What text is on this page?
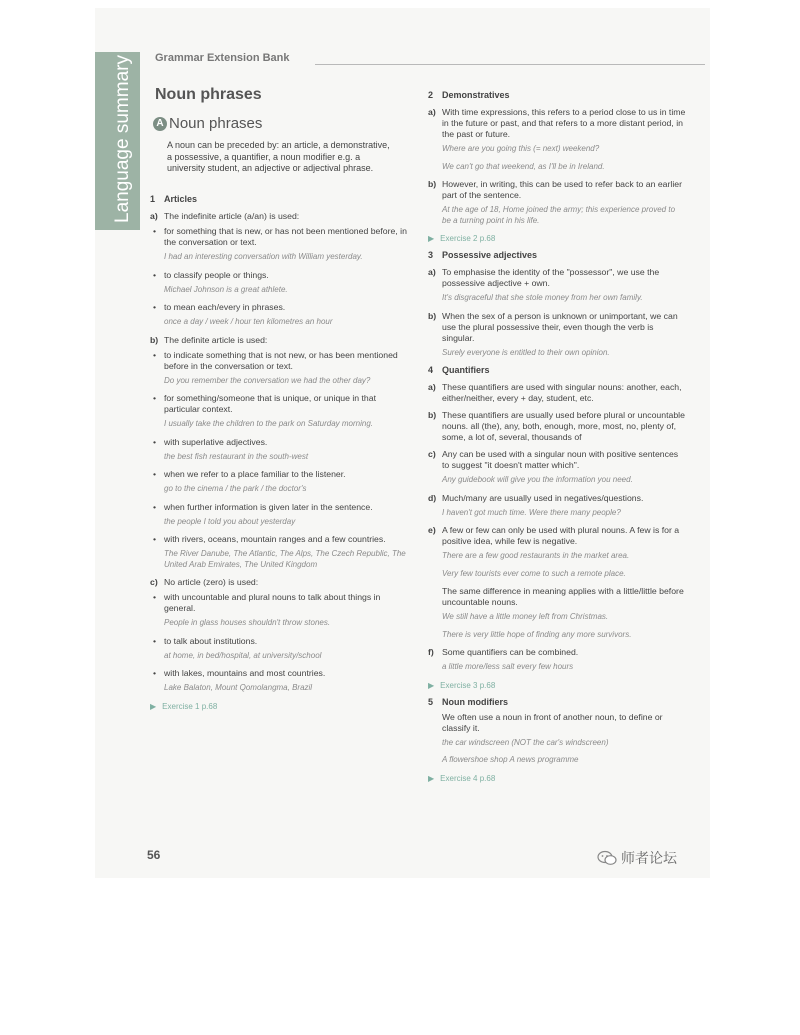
Language summary	Grammar Extension Bank
Noun phrases
A Noun phrases
A noun can be preceded by: an article, a demonstrative, a possessive, a quantifier, a noun modifier e.g. a university student, an adjective or adjectival phrase.
1 Articles
a) The indefinite article (a/an) is used:
• for something that is new, or has not been mentioned before, in the conversation or text.
I had an interesting conversation with William yesterday.
• to classify people or things.
Michael Johnson is a great athlete.
• to mean each/every in phrases.
once a day / week / hour ten kilometres an hour
b) The definite article is used:
• to indicate something that is not new, or has been mentioned before in the conversation or text.
Do you remember the conversation we had the other day?
• for something/someone that is unique, or unique in that particular context.
I usually take the children to the park on Saturday morning.
• with superlative adjectives.
the best fish restaurant in the south-west
• when we refer to a place familiar to the listener.
go to the cinema / the park / the doctor's
• when further information is given later in the sentence.
the people I told you about yesterday
• with rivers, oceans, mountain ranges and a few countries.
The River Danube, The Atlantic, The Alps, The Czech Republic, The United Arab Emirates, The United Kingdom
c) No article (zero) is used:
• with uncountable and plural nouns to talk about things in general.
People in glass houses shouldn't throw stones.
• to talk about institutions.
at home, in bed/hospital, at university/school
• with lakes, mountains and most countries.
Lake Balaton, Mount Qomolangma, Brazil
▶ Exercise 1 p.68
2 Demonstratives
a) With time expressions, this refers to a period close to us in time in the future or past, and that refers to a more distant period, in the past or future.
Where are you going this (= next) weekend?
We can't go that weekend, as I'll be in Ireland.
b) However, in writing, this can be used to refer back to an earlier part of the sentence.
At the age of 18, Home joined the army; this experience proved to be a turning point in his life.
▶ Exercise 2 p.68
3 Possessive adjectives
a) To emphasise the identity of the "possessor", we use the possessive adjective + own.
It's disgraceful that she stole money from her own family.
b) When the sex of a person is unknown or unimportant, we can use the plural possessive their, even though the verb is singular.
Surely everyone is entitled to their own opinion.
4 Quantifiers
a) These quantifiers are used with singular nouns: another, each, either/neither, every + day, student, etc.
b) These quantifiers are usually used before plural or uncountable nouns. all (the), any, both, enough, more, most, no, plenty of, some, a lot of, several, thousands of
c) Any can be used with a singular noun with positive sentences to suggest "it doesn't matter which".
Any guidebook will give you the information you need.
d) Much/many are usually used in negatives/questions.
I haven't got much time. Were there many people?
e) A few or few can only be used with plural nouns. A few is for a positive idea, while few is negative.
There are a few good restaurants in the market area.
Very few tourists ever come to such a remote place.
The same difference in meaning applies with a little/little before uncountable nouns.
We still have a little money left from Christmas.
There is very little hope of finding any more survivors.
f) Some quantifiers can be combined.
a little more/less salt every few hours
▶ Exercise 3 p.68
5 Noun modifiers
We often use a noun in front of another noun, to define or classify it.
the car windscreen (NOT the car's windscreen)
A flowershoe shop A news programme
▶ Exercise 4 p.68
56	师者论坛
